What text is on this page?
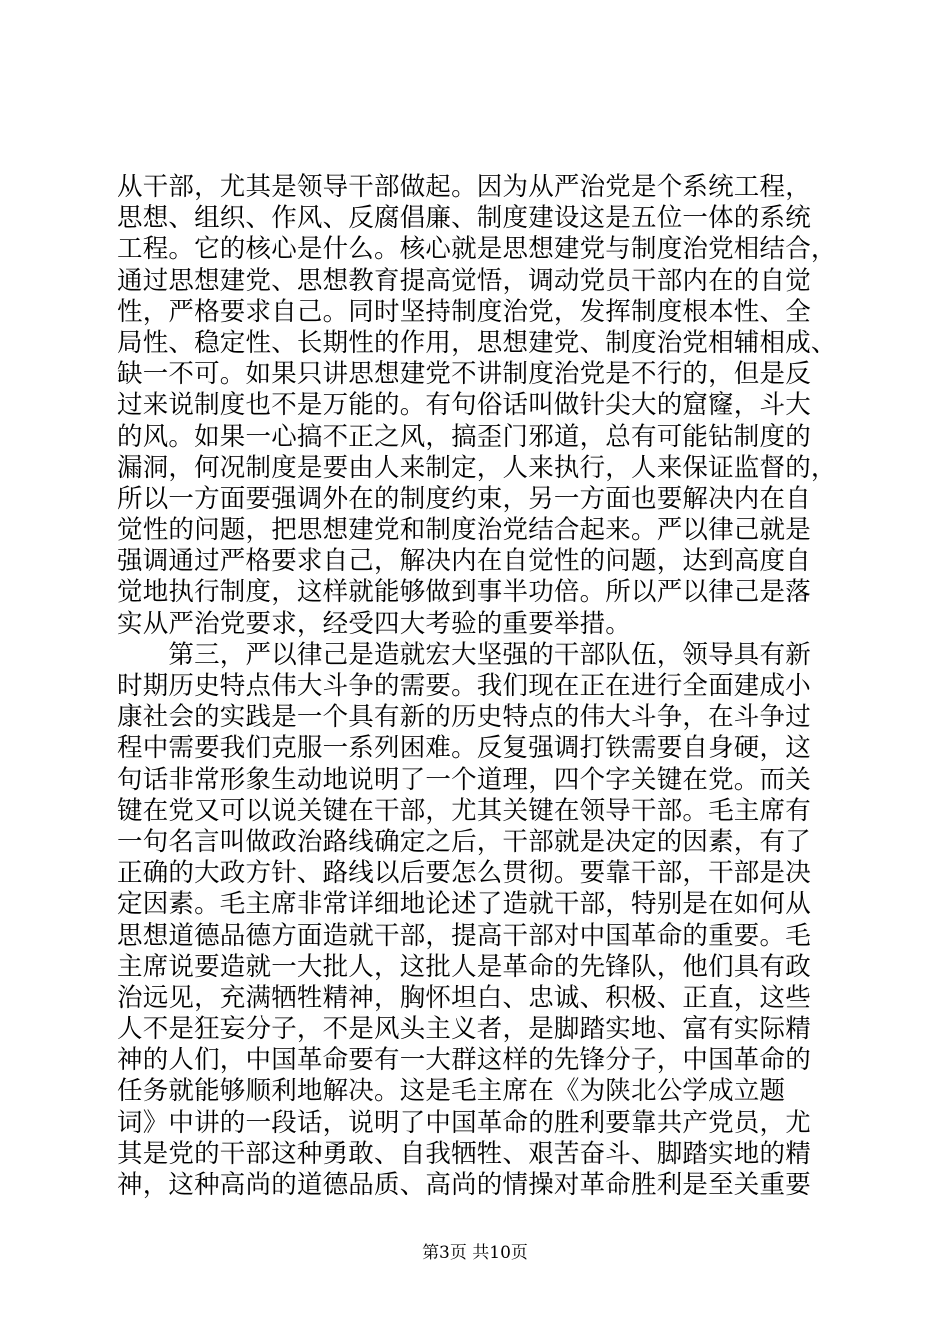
从干部，尤其是领导干部做起。因为从严治党是个系统工程，
思想、组织、作风、反腐倡廉、制度建设这是五位一体的系统
工程。它的核心是什么。核心就是思想建党与制度治党相结合，
通过思想建党、思想教育提高觉悟，调动党员干部内在的自觉
性，严格要求自己。同时坚持制度治党，发挥制度根本性、全
局性、稳定性、长期性的作用，思想建党、制度治党相辅相成、
缺一不可。如果只讲思想建党不讲制度治党是不行的，但是反
过来说制度也不是万能的。有句俗话叫做针尖大的窟窿，斗大
的风。如果一心搞不正之风，搞歪门邪道，总有可能钻制度的
漏洞，何况制度是要由人来制定，人来执行，人来保证监督的，
所以一方面要强调外在的制度约束，另一方面也要解决内在自
觉性的问题，把思想建党和制度治党结合起来。严以律己就是
强调通过严格要求自己，解决内在自觉性的问题，达到高度自
觉地执行制度，这样就能够做到事半功倍。所以严以律己是落
实从严治党要求，经受四大考验的重要举措。
　　第三，严以律己是造就宏大坚强的干部队伍，领导具有新
时期历史特点伟大斗争的需要。我们现在正在进行全面建成小
康社会的实践是一个具有新的历史特点的伟大斗争，在斗争过
程中需要我们克服一系列困难。反复强调打铁需要自身硬，这
句话非常形象生动地说明了一个道理，四个字关键在党。而关
键在党又可以说关键在干部，尤其关键在领导干部。毛主席有
一句名言叫做政治路线确定之后，干部就是决定的因素，有了
正确的大政方针、路线以后要怎么贯彻。要靠干部，干部是决
定因素。毛主席非常详细地论述了造就干部，特别是在如何从
思想道德品德方面造就干部，提高干部对中国革命的重要。毛
主席说要造就一大批人，这批人是革命的先锋队，他们具有政
治远见，充满牺牲精神，胸怀坦白、忠诚、积极、正直，这些
人不是狂妄分子，不是风头主义者，是脚踏实地、富有实际精
神的人们，中国革命要有一大群这样的先锋分子，中国革命的
任务就能够顺利地解决。这是毛主席在《为陕北公学成立题
词》中讲的一段话，说明了中国革命的胜利要靠共产党员，尤
其是党的干部这种勇敢、自我牺牲、艰苦奋斗、脚踏实地的精
神，这种高尚的道德品质、高尚的情操对革命胜利是至关重要
第3页 共10页
